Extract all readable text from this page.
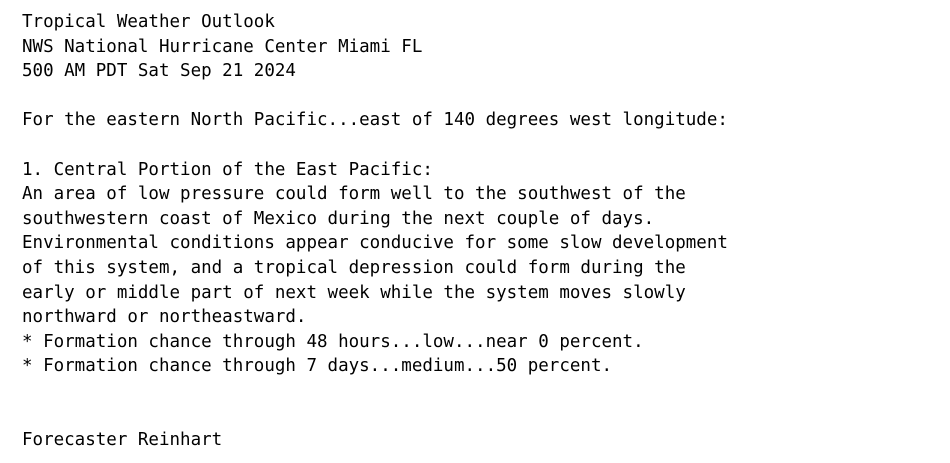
Tropical Weather Outlook
NWS National Hurricane Center Miami FL
500 AM PDT Sat Sep 21 2024
For the eastern North Pacific...east of 140 degrees west longitude:
1. Central Portion of the East Pacific:
An area of low pressure could form well to the southwest of the
southwestern coast of Mexico during the next couple of days.
Environmental conditions appear conducive for some slow development
of this system, and a tropical depression could form during the
early or middle part of next week while the system moves slowly
northward or northeastward.
* Formation chance through 48 hours...low...near 0 percent.
* Formation chance through 7 days...medium...50 percent.
Forecaster Reinhart
